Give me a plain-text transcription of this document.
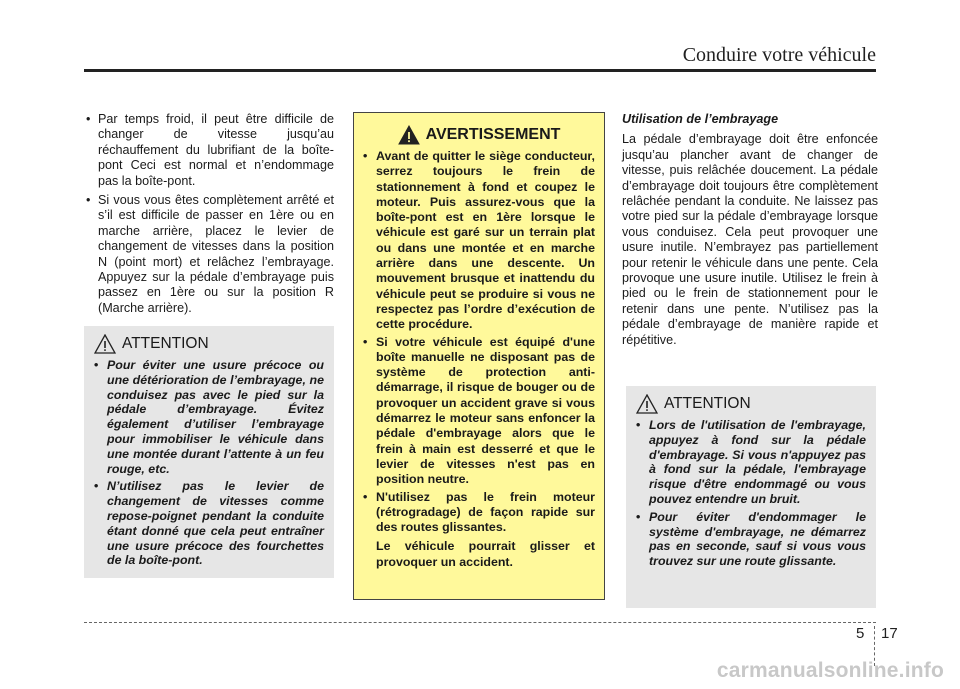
Conduire votre véhicule
• Par temps froid, il peut être difficile de changer de vitesse jusqu’au réchauffement du lubrifiant de la boîte-pont Ceci est normal et n’endommage pas la boîte-pont.
• Si vous vous êtes complètement arrêté et s’il est difficile de passer en 1ère ou en marche arrière, placez le levier de changement de vitesses dans la position N (point mort) et relâchez l’embrayage. Appuyez sur la pédale d’embrayage puis passez en 1ère ou sur la position R (Marche arrière).
ATTENTION
• Pour éviter une usure précoce ou une détérioration de l’embrayage, ne conduisez pas avec le pied sur la pédale d’embrayage. Évitez également d’utiliser l’embrayage pour immobiliser le véhicule dans une montée durant l’attente à un feu rouge, etc.
• N’utilisez pas le levier de changement de vitesses comme repose-poignet pendant la conduite étant donné que cela peut entraîner une usure précoce des fourchettes de la boîte-pont.
AVERTISSEMENT
• Avant de quitter le siège conducteur, serrez toujours le frein de stationnement à fond et coupez le moteur. Puis assurez-vous que la boîte-pont est en 1ère lorsque le véhicule est garé sur un terrain plat ou dans une montée et en marche arrière dans une descente. Un mouvement brusque et inattendu du véhicule peut se produire si vous ne respectez pas l’ordre d’exécution de cette procédure.
• Si votre véhicule est équipé d'une boîte manuelle ne disposant pas de système de protection anti-démarrage, il risque de bouger ou de provoquer un accident grave si vous démarrez le moteur sans enfoncer la pédale d'embrayage alors que le frein à main est desserré et que le levier de vitesses n'est pas en position neutre.
• N'utilisez pas le frein moteur (rétrogradage) de façon rapide sur des routes glissantes.
Le véhicule pourrait glisser et provoquer un accident.
Utilisation de l’embrayage
La pédale d’embrayage doit être enfoncée jusqu’au plancher avant de changer de vitesse, puis relâchée doucement. La pédale d’embrayage doit toujours être complètement relâchée pendant la conduite. Ne laissez pas votre pied sur la pédale d’embrayage lorsque vous conduisez. Cela peut provoquer une usure inutile. N’embrayez pas partiellement pour retenir le véhicule dans une pente. Cela provoque une usure inutile. Utilisez le frein à pied ou le frein de stationnement pour le retenir dans une pente. N’utilisez pas la pédale d’embrayage de manière rapide et répétitive.
ATTENTION
• Lors de l'utilisation de l'embrayage, appuyez à fond sur la pédale d'embrayage. Si vous n'appuyez pas à fond sur la pédale, l'embrayage risque d'être endommagé ou vous pouvez entendre un bruit.
• Pour éviter d'endommager le système d'embrayage, ne démarrez pas en seconde, sauf si vous vous trouvez sur une route glissante.
5 17
carmanualsonline.info
